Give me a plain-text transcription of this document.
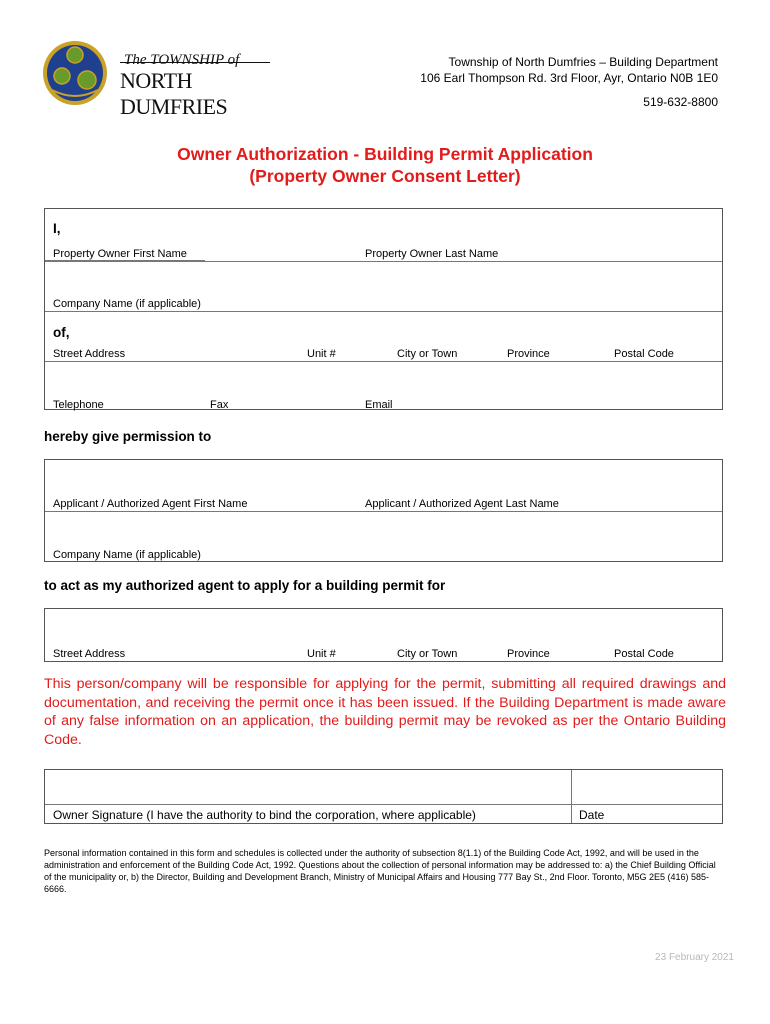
The TOWNSHIP of
NORTH DUMFRIES
Township of North Dumfries – Building Department
106 Earl Thompson Rd. 3rd Floor, Ayr, Ontario N0B 1E0
519-632-8800
Owner Authorization - Building Permit Application
(Property Owner Consent Letter)
I,
Property Owner First Name	Property Owner Last Name
Company Name (if applicable)
of,
Street Address	Unit #	City or Town	Province	Postal Code
Telephone	Fax	Email
hereby give permission to
Applicant / Authorized Agent First Name	Applicant / Authorized Agent Last Name
Company Name (if applicable)
to act as my authorized agent to apply for a building permit for
Street Address	Unit #	City or Town	Province	Postal Code
This person/company will be responsible for applying for the permit, submitting all required drawings and documentation, and receiving the permit once it has been issued. If the Building Department is made aware of any false information on an application, the building permit may be revoked as per the Ontario Building Code.
Owner Signature (I have the authority to bind the corporation, where applicable)	Date
Personal information contained in this form and schedules is collected under the authority of subsection 8(1.1) of the Building Code Act, 1992, and will be used in the administration and enforcement of the Building Code Act, 1992. Questions about the collection of personal information may be addressed to: a) the Chief Building Official of the municipality or, b) the Director, Building and Development Branch, Ministry of Municipal Affairs and Housing 777 Bay St., 2nd Floor. Toronto, M5G 2E5 (416) 585-6666.
23 February 2021
